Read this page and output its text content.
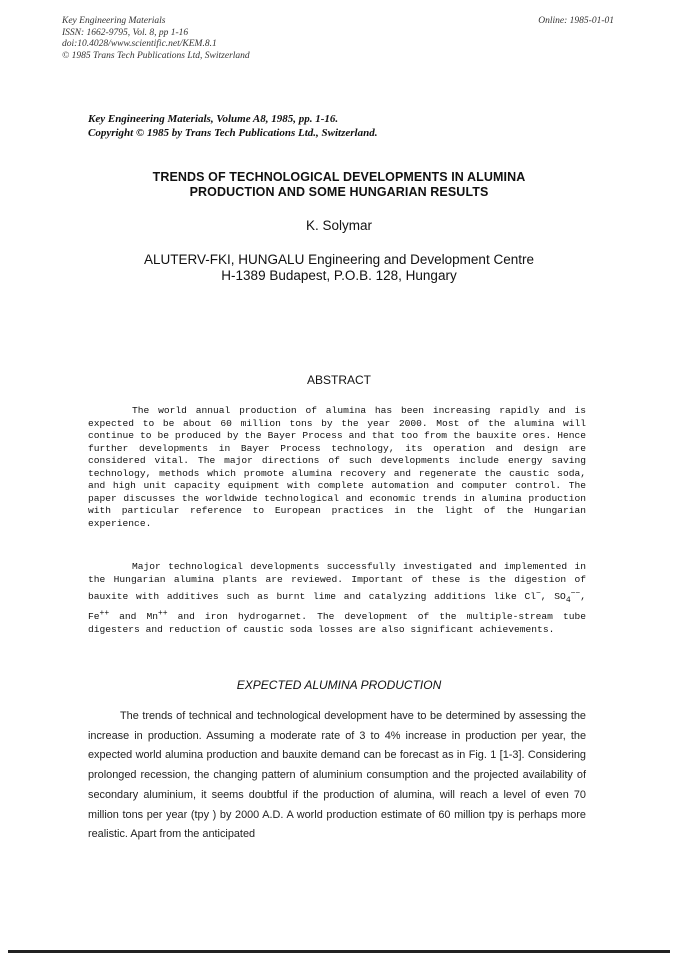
Key Engineering Materials
ISSN: 1662-9795, Vol. 8, pp 1-16
doi:10.4028/www.scientific.net/KEM.8.1
© 1985 Trans Tech Publications Ltd, Switzerland
Online: 1985-01-01
Key Engineering Materials, Volume A8, 1985, pp. 1-16.
Copyright © 1985 by Trans Tech Publications Ltd., Switzerland.
TRENDS OF TECHNOLOGICAL DEVELOPMENTS IN ALUMINA
PRODUCTION AND SOME HUNGARIAN RESULTS
K. Solymar
ALUTERV-FKI, HUNGALU Engineering and Development Centre
H-1389 Budapest, P.O.B. 128, Hungary
ABSTRACT

The world annual production of alumina has been increasing rapidly and is expected to be about 60 million tons by the year 2000. Most of the alumina will continue to be produced by the Bayer Process and that too from the bauxite ores. Hence further developments in Bayer Process technology, its operation and design are considered vital. The major directions of such developments include energy saving technology, methods which promote alumina recovery and regenerate the caustic soda, and high unit capacity equipment with complete automation and computer control. The paper discusses the worldwide technological and economic trends in alumina production with particular reference to European practices in the light of the Hungarian experience.

Major technological developments successfully investigated and implemented in the Hungarian alumina plants are reviewed. Important of these is the digestion of bauxite with additives such as burnt lime and catalyzing additions like Cl−, $SO_4^{--}$, Fe++ and Mn++ and iron hydrogarnet. The development of the multiple-stream tube digesters and reduction of caustic soda losses are also significant achievements.

EXPECTED ALUMINA PRODUCTION

The trends of technical and technological development have to be determined by assessing the increase in production. Assuming a moderate rate of 3 to 4% increase in production per year, the expected world alumina production and bauxite demand can be forecast as in Fig. 1 [1-3]. Considering prolonged recession, the changing pattern of aluminium consumption and the projected availability of secondary aluminium, it seems doubtful if the production of alumina, will reach a level of even 70 million tons per year (tpy ) by 2000 A.D. A world production estimate of 60 million tpy is perhaps more realistic. Apart from the anticipated
